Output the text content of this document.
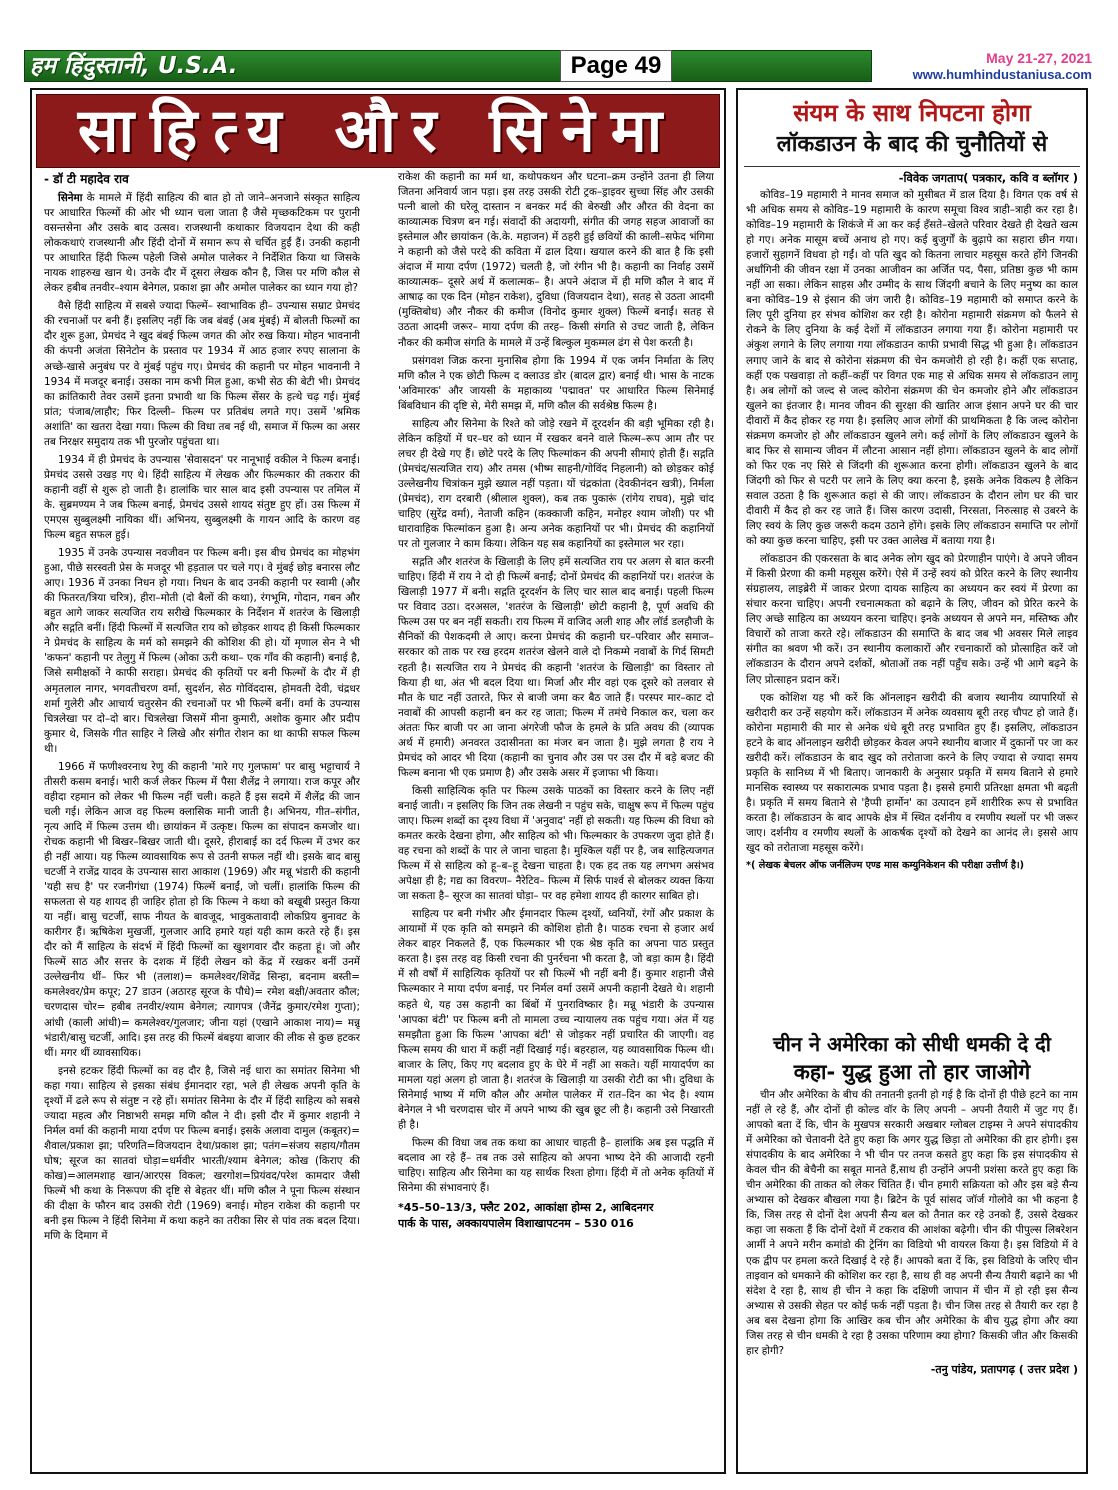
हम हिंदुस्तानी, U.S.A.	Page 49	May 21-27, 2021
www.humhindustaniusa.com
साहित्य और सिनेमा
- डॉ टी महादेव राव

सिनेमा के मामले में हिंदी साहित्य की बात हो तो जाने–अनजाने संस्कृत साहित्य पर आधारित फिल्मों की ओर भी ध्यान चला जाता है जैसे मृच्छकटिकम पर पुरानी वसन्तसेना और उसके बाद उत्सव। राजस्थानी कथाकार विजयदान देथा की कही लोककथाएं राजस्थानी और हिंदी दोनों में समान रूप से चर्चित हुईं हैं। उनकी कहानी पर आधारित हिंदी फिल्म पहेली जिसे अमोल पालेकर ने निर्देशित किया था जिसके नायक शाहरुख खान थे। उनके दौर में दूसरा लेखक कौन है, जिस पर मणि कौल से लेकर हबीब तनवीर–श्याम बेनेगल, प्रकाश झा और अमोल पालेकर का ध्यान गया हो?

वैसे हिंदी साहित्य में सबसे ज्यादा फिल्में– स्वाभाविक ही– उपन्यास सम्राट प्रेमचंद की रचनाओं पर बनी हैं। इसलिए नहीं कि जब बंबई (अब मुंबई) में बोलती फिल्मों का दौर शुरू हुआ, प्रेमचंद ने खुद बंबई फिल्म जगत की ओर रुख किया। मोहन भावनानी की कंपनी अजंता सिनेटोन के प्रस्ताव पर 1934 में आठ हजार रुपए सालाना के अच्छे-खासे अनुबंध पर वे मुंबई पहुंच गए। प्रेमचंद की कहानी पर मोहन भावनानी ने 1934 में मजदूर बनाई। उसका नाम कभी मिल हुआ, कभी सेठ की बेटी भी। प्रेमचंद का क्रांतिकारी तेवर उसमें इतना प्रभावी था कि फिल्म सेंसर के हत्थे चढ़ गई। मुंबई प्रांत; पंजाब/लाहौर; फिर दिल्ली– फिल्म पर प्रतिबंध लगते गए। उसमें 'श्रमिक अशांति' का खतरा देखा गया। फिल्म की विधा तब नई थी, समाज में फिल्म का असर तब निरक्षर समुदाय तक भी पुरजोर पहुंचता था।

1934 में ही प्रेमचंद के उपन्यास 'सेवासदन' पर नानूभाई वकील ने फिल्म बनाई। प्रेमचंद उससे उखड़ गए थे। हिंदी साहित्य में लेखक और फिल्मकार की तकरार की कहानी वहीं से शुरू हो जाती है। हालांकि चार साल बाद इसी उपन्यास पर तमिल में के. सुब्रमण्यम ने जब फिल्म बनाई, प्रेमचंद उससे शायद संतुष्ट हुए हों। उस फिल्म में एमएस सुब्बुलक्ष्मी नायिका थीं। अभिनय, सुब्बुलक्ष्मी के गायन आदि के कारण वह फिल्म बहुत सफल हुई।

1935 में उनके उपन्यास नवजीवन पर फिल्म बनी। इस बीच प्रेमचंद का मोहभंग हुआ, पीछे सरस्वती प्रेस के मजदूर भी हड़ताल पर चले गए। वे मुंबई छोड़ बनारस लौट आए। 1936 में उनका निधन हो गया। निधन के बाद उनकी कहानी पर स्वामी (और की फितरत/त्रिया चरित्र), हीरा–मोती (दो बैलों की कथा), रंगभूमि, गोदान, गबन और बहुत आगे जाकर सत्यजित राय सरीखे फिल्मकार के निर्देशन में शतरंज के खिलाड़ी और सद्गति बनीं। हिंदी फिल्मों में सत्यजित राय को छोड़कर शायद ही किसी फिल्मकार ने प्रेमचंद के साहित्य के मर्म को समझने की कोशिश की हो। यों मृणाल सेन ने भी 'कफन' कहानी पर तेलुगु में फिल्म (ओका ऊरी कथा– एक गाँव की कहानी) बनाई है, जिसे समीक्षकों ने काफी सराहा। प्रेमचंद की कृतियों पर बनी फिल्मों के दौर में ही अमृतलाल नागर, भगवतीचरण वर्मा, सुदर्शन, सेठ गोविंददास, होमवती देवी, चंद्रधर शर्मा गुलेरी और आचार्य चतुरसेन की रचनाओं पर भी फिल्में बनीं। वर्मा के उपन्यास चित्रलेखा पर दो–दो बार। चित्रलेखा जिसमें मीना कुमारी, अशोक कुमार और प्रदीप कुमार थे, जिसके गीत साहिर ने लिखे और संगीत रोशन का था काफी सफल फिल्म थी।

1966 में फणीश्वरनाथ रेणु की कहानी 'मारे गए गुलफाम' पर बासु भट्टाचार्य ने तीसरी कसम बनाई। भारी कर्ज लेकर फिल्म में पैसा शैलेंद्र ने लगाया। राज कपूर और वहीदा रहमान को लेकर भी फिल्म नहीं चली। कहते हैं इस सदमे में शैलेंद्र की जान चली गई। लेकिन आज वह फिल्म क्लासिक मानी जाती है। अभिनय, गीत–संगीत, नृत्य आदि में फिल्म उत्तम थी। छायांकन में उत्कृष्ट। फिल्म का संपादन कमजोर था। रोचक कहानी भी बिखर–बिखर जाती थी। दूसरे, हीराबाई का दर्द फिल्म में उभर कर ही नहीं आया। यह फिल्म व्यावसायिक रूप से उतनी सफल नहीं थी। इसके बाद बासु चटर्जी ने राजेंद्र यादव के उपन्यास सारा आकाश (1969) और मन्नू भंडारी की कहानी 'यही सच है' पर रजनीगंधा (1974) फिल्में बनाईं, जो चलीं। हालांकि फिल्म की सफलता से यह शायद ही जाहिर होता हो कि फिल्म ने कथा को बखूबी प्रस्तुत किया या नहीं। बासु चटर्जी, साफ नीयत के बावजूद, भावुकतावादी लोकप्रिय बुनावट के कारीगर हैं। ऋषिकेश मुखर्जी, गुलजार आदि हमारे यहां यही काम करते रहे हैं। इस दौर को मैं साहित्य के संदर्भ में हिंदी फिल्मों का खुशगवार दौर कहता हूं। जो और फिल्में साठ और सत्तर के दशक में हिंदी लेखन को केंद्र में रखकर बनीं उनमें उल्लेखनीय थीं– फिर भी (तलाश)= कमलेश्वर/शिवेंद्र सिन्हा, बदनाम बस्ती= कमलेश्वर/प्रेम कपूर; 27 डाउन (अठारह सूरज के पौधे)= रमेश बक्षी/अवतार कौल; चरणदास चोर= हबीब तनवीर/श्याम बेनेगल; त्यागपत्र (जैनेंद्र कुमार/रमेश गुप्ता); आंधी (काली आंधी)= कमलेश्वर/गुलजार; जीना यहां (एखाने आकाश नाय)= मन्नू भंडारी/बासु चटर्जी, आदि। इस तरह की फिल्में बंबइया बाजार की लीक से कुछ हटकर थीं। मगर थीं व्यावसायिक।

इनसे हटकर हिंदी फिल्मों का वह दौर है, जिसे नई धारा का समांतर सिनेमा भी कहा गया। साहित्य से इसका संबंध ईमानदार रहा, भले ही लेखक अपनी कृति के दृश्यों में ढले रूप से संतुष्ट न रहे हों। समांतर सिनेमा के दौर में हिंदी साहित्य को सबसे ज्यादा महत्व और निष्ठाभरी समझ मणि कौल ने दी। इसी दौर में कुमार शहानी ने निर्मल वर्मा की कहानी माया दर्पण पर फिल्म बनाई। इसके अलावा दामुल (कबूतर)= शैवाल/प्रकाश झा; परिणति=विजयदान देथा/प्रकाश झा; पतंग=संजय सहाय/गौतम घोष; सूरज का सातवां घोड़ा=धर्मवीर भारती/श्याम बेनेगल; कोख (किराए की कोख)=आलमशाह खान/आरएस विकल; खरगोश=प्रियंवद/परेश कामदार जैसी फिल्में भी कथा के निरूपण की दृष्टि से बेहतर थीं। मणि कौल ने पूना फिल्म संस्थान की दीक्षा के फौरन बाद उसकी रोटी (1969) बनाई। मोहन राकेश की कहानी पर बनी इस फिल्म ने हिंदी सिनेमा में कथा कहने का तरीका सिर से पांव तक बदल दिया। मणि के दिमाग में

राकेश की कहानी का मर्म था, कथोपकथन और घटना–क्रम उन्होंने उतना ही लिया जितना अनिवार्य जान पड़ा। इस तरह उसकी रोटी ट्रक–ड्राइवर सुच्चा सिंह और उसकी पत्नी बालो की घरेलू दास्तान न बनकर मर्द की बेरुखी और औरत की वेदना का काव्यात्मक चित्रण बन गई। संवादों की अदायगी, संगीत की जगह सहज आवाजों का इस्तेमाल और छायांकन (के.के. महाजन) में ठहरी हुई छवियों की काली–सफेद भंगिमा ने कहानी को जैसे परदे की कविता में ढाल दिया। खयाल करने की बात है कि इसी अंदाज में माया दर्पण (1972) चलती है, जो रंगीन भी है। कहानी का निर्वाह उसमें काव्यात्मक– दूसरे अर्थ में कलात्मक– है। अपने अंदाज में ही मणि कौल ने बाद में आषाढ़ का एक दिन (मोहन राकेश), दुविधा (विजयदान देथा), सतह से उठता आदमी (मुक्तिबोध) और नौकर की कमीज (विनोद कुमार शुक्ल) फिल्में बनाईं। सतह से उठता आदमी जरूर– माया दर्पण की तरह– किसी संगति से उचट जाती है, लेकिन नौकर की कमीज संगति के मामले में उन्हें बिल्कुल मुकम्मल ढंग से पेश करती है।

प्रसंगवश जिक्र करना मुनासिब होगा कि 1994 में एक जर्मन निर्माता के लिए मणि कौल ने एक छोटी फिल्म द क्लाउड डोर (बादल द्वार) बनाई थी। भास के नाटक 'अविमारक' और जायसी के महाकाव्य 'पद्मावत' पर आधारित फिल्म सिनेमाई बिंबविधान की दृष्टि से, मेरी समझ में, मणि कौल की सर्वश्रेष्ठ फिल्म है।

साहित्य और सिनेमा के रिश्ते को जोड़े रखने में दूरदर्शन की बड़ी भूमिका रही है। लेकिन कड़ियों में घर–घर को ध्यान में रखकर बनने वाले फिल्म–रूप आम तौर पर लचर ही देखे गए हैं। छोटे परदे के लिए फिल्मांकन की अपनी सीमाएं होती हैं। सद्गति (प्रेमचंद/सत्यजित राय) और तमस (भीष्म साहनी/गोविंद निहलानी) को छोड़कर कोई उल्लेखनीय चित्रांकन मुझे ख्याल नहीं पड़ता। यों चंद्रकांता (देवकीनंदन खत्री), निर्मला (प्रेमचंद), राग दरबारी (श्रीलाल शुक्ल), कब तक पुकारूं (रांगेय राघव), मुझे चांद चाहिए (सुरेंद्र वर्मा), नेताजी कहिन (कक्काजी कहिन, मनोहर श्याम जोशी) पर भी धारावाहिक फिल्मांकन हुआ है। अन्य अनेक कहानियों पर भी। प्रेमचंद की कहानियों पर तो गुलजार ने काम किया। लेकिन यह सब कहानियों का इस्तेमाल भर रहा।

सद्गति और शतरंज के खिलाड़ी के लिए हमें सत्यजित राय पर अलग से बात करनी चाहिए। हिंदी में राय ने दो ही फिल्में बनाईं; दोनों प्रेमचंद की कहानियों पर। शतरंज के खिलाड़ी 1977 में बनी। सद्गति दूरदर्शन के लिए चार साल बाद बनाई। पहली फिल्म पर विवाद उठा। दरअसल, 'शतरंज के खिलाड़ी' छोटी कहानी है, पूर्ण अवधि की फिल्म उस पर बन नहीं सकती। राय फिल्म में वाजिद अली शाह और लॉर्ड डलहौजी के सैनिकों की पेशकदमी ले आए। करना प्रेमचंद की कहानी घर–परिवार और समाज–सरकार को ताक पर रख हरदम शतरंज खेलने वाले दो निकम्मे नवाबों के गिर्द सिमटी रहती है। सत्यजित राय ने प्रेमचंद की कहानी 'शतरंज के खिलाड़ी' का विस्तार तो किया ही था, अंत भी बदल दिया था। मिर्जा और मीर वहां एक दूसरे को तलवार से मौत के घाट नहीं उतारते, फिर से बाजी जमा कर बैठ जाते हैं। परस्पर मार–काट दो नवाबों की आपसी कहानी बन कर रह जाता; फिल्म में तमंचे निकाल कर, चला कर अंततः फिर बाजी पर आ जाना अंगरेजी फौज के हमले के प्रति अवध की (व्यापक अर्थ में हमारी) अनवरत उदासीनता का मंजर बन जाता है। मुझे लगता है राय ने प्रेमचंद को आदर भी दिया (कहानी का चुनाव और उस पर उस दौर में बड़े बजट की फिल्म बनाना भी एक प्रमाण है) और उसके असर में इजाफा भी किया।

किसी साहित्यिक कृति पर फिल्म उसके पाठकों का विस्तार करने के लिए नहीं बनाई जाती। न इसलिए कि जिन तक लेखनी न पहुंच सके, चाक्षुष रूप में फिल्म पहुंच जाए। फिल्म शब्दों का दृश्य विधा में 'अनुवाद' नहीं हो सकती। यह फिल्म की विधा को कमतर करके देखना होगा, और साहित्य को भी। फिल्मकार के उपकरण जुदा होते हैं। वह रचना को शब्दों के पार ले जाना चाहता है। मुश्किल यहीं पर है, जब साहित्यजगत फिल्म में से साहित्य को हू–ब–हू देखना चाहता है। एक हद तक यह लगभग असंभव अपेक्षा ही है; गद्य का विवरण– नैरेटिव– फिल्म में सिर्फ पार्श्व से बोलकर व्यक्त किया जा सकता है– सूरज का सातवां घोड़ा– पर वह हमेशा शायद ही कारगर साबित हो।

साहित्य पर बनी गंभीर और ईमानदार फिल्म दृश्यों, ध्वनियों, रंगों और प्रकाश के आयामों में एक कृति को समझने की कोशिश होती है। पाठक रचना से हजार अर्थ लेकर बाहर निकलते हैं, एक फिल्मकार भी एक श्रेष्ठ कृति का अपना पाठ प्रस्तुत करता है। इस तरह वह किसी रचना की पुनर्रचना भी करता है, जो बड़ा काम है। हिंदी में सौ वर्षों में साहित्यिक कृतियों पर सौ फिल्में भी नहीं बनी हैं। कुमार शहानी जैसे फिल्मकार ने माया दर्पण बनाई, पर निर्मल वर्मा उसमें अपनी कहानी देखते थे। शहानी कहते थे, यह उस कहानी का बिंबों में पुनराविष्कार है। मन्नू भंडारी के उपन्यास 'आपका बंटी' पर फिल्म बनी तो मामला उच्च न्यायालय तक पहुंच गया। अंत में यह समझौता हुआ कि फिल्म 'आपका बंटी' से जोड़कर नहीं प्रचारित की जाएगी। वह फिल्म समय की धारा में कहीं नहीं दिखाई गई। बहरहाल, यह व्यावसायिक फिल्म थी। बाजार के लिए, किए गए बदलाव हुए के घेरे में नहीं आ सकते। यहीं मायादर्पण का मामला यहां अलग हो जाता है। शतरंज के खिलाड़ी या उसकी रोटी का भी। दुविधा के सिनेमाई भाष्य में मणि कौल और अमोल पालेकर में रात–दिन का भेद है। श्याम बेनेगल ने भी चरणदास चोर में अपने भाष्य की खुब छूट ली है। कहानी उसे निखारती ही है।

फिल्म की विधा जब तक कथा का आधार चाहती है– हालांकि अब इस पद्धति में बदलाव आ रहे हैं– तब तक उसे साहित्य को अपना भाष्य देने की आजादी रहनी चाहिए। साहित्य और सिनेमा का यह सार्थक रिश्ता होगा। हिंदी में तो अनेक कृतियों में सिनेमा की संभावनाएं हैं।

*45–50–13/3, फ्लैट 202, आकांक्षा होम्स 2, आबिदनगर
पार्क के पास, अक्कायपालेम विशाखापटनम – 530 016
संयम के साथ निपटना होगा
लॉकडाउन के बाद की चुनौतियों से
-विवेक जगताप( पत्रकार, कवि व ब्लॉगर )

कोविड–19 महामारी ने मानव समाज को मुसीबत में डाल दिया है। विगत एक वर्ष से भी अधिक समय से कोविड–19 महामारी के कारण समूचा विश्व त्राही–त्राही कर रहा है। कोविड–19 महामारी के शिकंजे में आ कर कई हँसते–खेलते परिवार देखते ही देखते खत्म हो गए। अनेक मासूम बच्चें अनाथ हो गए। कई बुजुर्गों के बुढ़ापे का सहारा छीन गया। हजारों सुहागनें विधवा हो गईं। वो पति खुद को कितना लाचार महसूस करते होंगे जिनकी अर्धांगिनी की जीवन रक्षा में उनका आजीवन का अर्जित पद, पैसा, प्रतिष्ठा कुछ भी काम नहीं आ सका। लेकिन साहस और उम्मीद के साथ जिंदगी बचाने के लिए मनुष्य का काल बना कोविड–19 से इंसान की जंग जारी है। कोविड–19 महामारी को समाप्त करने के लिए पूरी दुनिया हर संभव कोशिश कर रही है। कोरोना महामारी संक्रमण को फैलने से रोकने के लिए दुनिया के कई देशों में लॉकडाउन लगाया गया हैं। कोरोना महामारी पर अंकुश लगाने के लिए लगाया गया लॉकडाउन काफी प्रभावी सिद्ध भी हुआ है। लॉकडाउन लगाए जाने के बाद से कोरोना संक्रमण की चेन कमजोरी हो रही है। कहीं एक सप्ताह, कहीं एक पखवाड़ा तो कहीं–कहीं पर विगत एक माह से अधिक समय से लॉकडाउन लागू है। अब लोगों को जल्द से जल्द कोरोना संक्रमण की चेन कमजोर होने और लॉकडाउन खुलने का इंतजार है। मानव जीवन की सुरक्षा की खातिर आज इंसान अपने घर की चार दीवारों में कैद होकर रह गया है। इसलिए आज लोगों की प्राथमिकता है कि जल्द कोरोना संक्रमण कमजोर हो और लॉकडाउन खुलने लगे। कई लोगों के लिए लॉकडाउन खुलने के बाद फिर से सामान्य जीवन में लौटना आसान नहीं होगा। लॉकडाउन खुलने के बाद लोगों को फिर एक नए सिरे से जिंदगी की शुरूआत करना होगी। लॉकडाउन खुलने के बाद जिंदगी को फिर से पटरी पर लाने के लिए क्या करना है, इसके अनेक विकल्प है लेकिन सवाल उठता है कि शुरूआत कहां से की जाए। लॉकडाउन के दौरान लोग घर की चार दीवारी में कैद हो कर रह जाते हैं। जिस कारण उदासी, निरसता, निरुत्साह से उबरने के लिए स्वयं के लिए कुछ जरूरी कदम उठाने होंगे। इसके लिए लॉकडाउन समाप्ति पर लोगों को क्या कुछ करना चाहिए, इसी पर उक्त आलेख में बताया गया है।

लॉकडाउन की एकरसता के बाद अनेक लोग खुद को प्रेरणाहीन पाएंगे। वे अपने जीवन में किसी प्रेरणा की कमी महसूस करेंगे। ऐसे में उन्हें स्वयं को प्रेरित करने के लिए स्थानीय संग्रहालय, लाइब्रेरी में जाकर प्रेरणा दायक साहित्य का अध्ययन कर स्वयं में प्रेरणा का संचार करना चाहिए। अपनी रचनात्मकता को बढ़ाने के लिए, जीवन को प्रेरित करने के लिए अच्छे साहित्य का अध्ययन करना चाहिए। इनके अध्ययन से अपने मन, मस्तिष्क और विचारों को ताजा करते रहे। लॉकडाउन की समाप्ति के बाद जब भी अवसर मिले लाइव संगीत का श्रवण भी करें। उन स्थानीय कलाकारों और रचनाकारों को प्रोत्साहित करें जो लॉकडाउन के दौरान अपने दर्शकों, श्रोताओं तक नहीं पहुँच सके। उन्हें भी आगे बढ़ने के लिए प्रोत्साहन प्रदान करें।

एक कोशिश यह भी करें कि ऑनलाइन खरीदी की बजाय स्थानीय व्यापारियों से खरीदारी कर उन्हें सहयोग करें। लॉकडाउन में अनेक व्यवसाय बूरी तरह चौपट हो जाते हैं। कोरोना महामारी की मार से अनेक धंधे बूरी तरह प्रभावित हुए हैं। इसलिए, लॉकडाउन हटने के बाद ऑनलाइन खरीदी छोड़कर केवल अपने स्थानीय बाजार में दुकानों पर जा कर खरीदी करें। लॉकडाउन के बाद खुद को तरोताजा करने के लिए ज्यादा से ज्यादा समय प्रकृति के सानिध्य में भी बिताए। जानकारी के अनुसार प्रकृति में समय बिताने से हमारे मानसिक स्वास्थ्य पर सकारात्मक प्रभाव पड़ता है। इससे हमारी प्रतिरक्षा क्षमता भी बढ़ती है। प्रकृति में समय बिताने से 'हैप्पी हार्मोन' का उत्पादन हमें शारीरिक रूप से प्रभावित करता है। लॉकडाउन के बाद आपके क्षेत्र में स्थित दर्शनीय व रमणीय स्थलों पर भी जरूर जाए। दर्शनीय व रमणीय स्थलों के आकर्षक दृश्यों को देखने का आनंद ले। इससे आप खुद को तरोताजा महसूस करेंगे।

*( लेखक बेचलर ऑफ जर्नलिज्म एण्ड मास कम्युनिकेशन की परीक्षा उत्तीर्ण है।)
चीन ने अमेरिका को सीधी धमकी दे दी
कहा- युद्ध हुआ तो हार जाओगे

चीन और अमेरिका के बीच की तनातनी इतनी हो गई है कि दोनों ही पीछे हटने का नाम नहीं ले रहे हैं, और दोनों ही कोल्ड वॉर के लिए अपनी – अपनी तैयारी में जुट गए हैं। आपको बता दें कि, चीन के मुखपत्र सरकारी अखबार ग्लोबल टाइम्स ने अपने संपादकीय में अमेरिका को चेतावनी देते हुए कहा कि अगर युद्ध छिड़ा तो अमेरिका की हार होगी। इस संपादकीय के बाद अमेरिका ने भी चीन पर तनज कसते हुए कहा कि इस संपादकीय से केवल चीन की बेचैनी का सबूत मानते हैं,साथ ही उन्होंने अपनी प्रशंसा करते हुए कहा कि चीन अमेरिका की ताकत को लेकर चिंतित हैं। चीन हमारी सक्रियता को और इस बड़े सैन्य अभ्यास को देखकर बौखला गया है। ब्रिटेन के पूर्व सांसद जॉर्ज गोलोवे का भी कहना है कि, जिस तरह से दोनों देश अपनी सैन्य बल को तैनात कर रहे उनको हैं, उससे देखकर कहा जा सकता हैं कि दोनों देशों में टकराव की आशंका बढ़ेगी। चीन की पीपुल्स लिबरेशन आर्मी ने अपने मरीन कमांडो की ट्रेनिंग का विडियो भी वायरल किया है। इस विडियो में वे एक द्वीप पर हमला करते दिखाई दे रहे हैं। आपको बता दें कि, इस विडियो के जरिए चीन ताइवान को धमकाने की कोशिश कर रहा है, साथ ही वह अपनी सैन्य तैयारी बढ़ाने का भी संदेश दे रहा है, साथ ही चीन ने कहा कि दक्षिणी जापान में चीन में हो रही इस सैन्य अभ्यास से उसकी सेहत पर कोई फर्क नहीं पड़ता है। चीन जिस तरह से तैयारी कर रहा है अब बस देखना होगा कि आखिर कब चीन और अमेरिका के बीच युद्ध होगा और क्या जिस तरह से चीन धमकी दे रहा है उसका परिणाम क्या होगा? किसकी जीत और किसकी हार होगी?

-तनु पांडेय, प्रतापगढ़ ( उत्तर प्रदेश )
